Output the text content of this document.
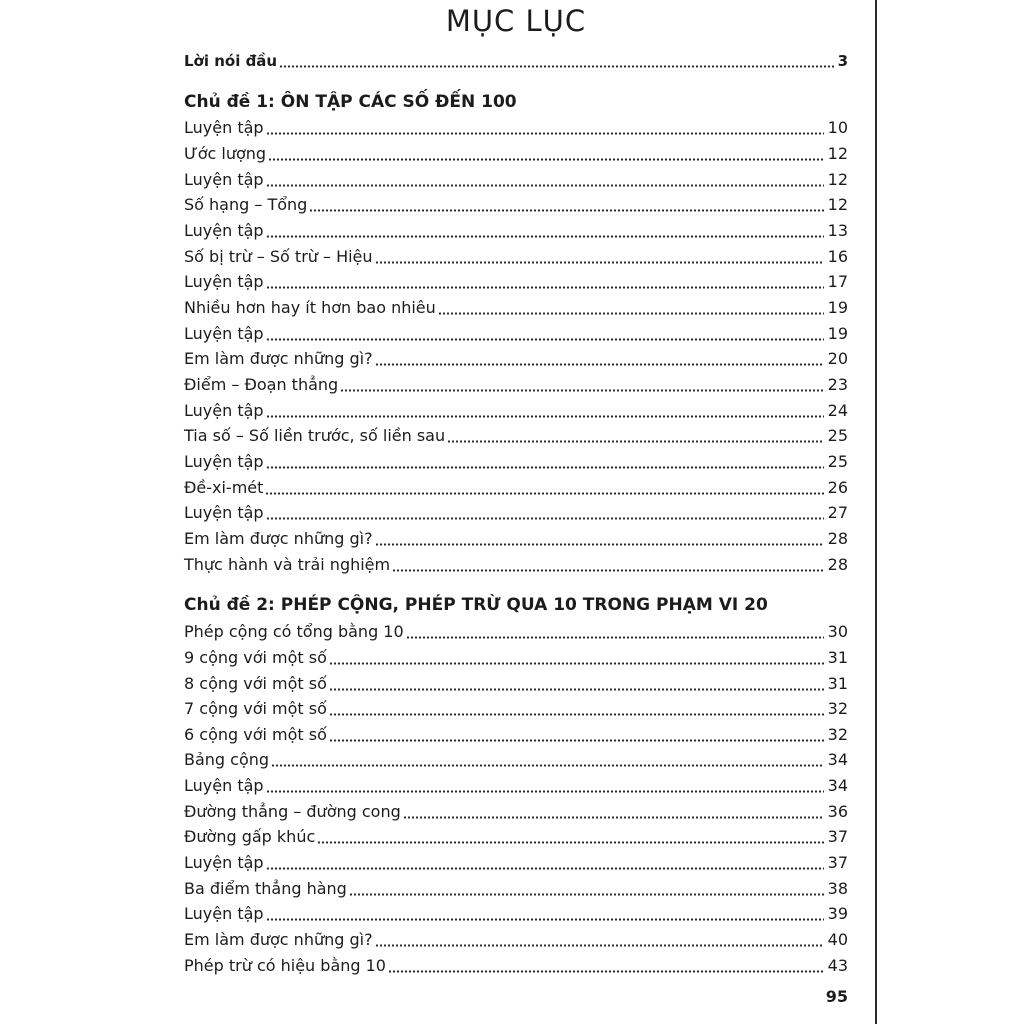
MỤC LỤC
Lời nói đầu	3
Chủ đề 1: ÔN TẬP CÁC SỐ ĐẾN 100
Luyện tập	10
Ước lượng	12
Luyện tập	12
Số hạng – Tổng	12
Luyện tập	13
Số bị trừ – Số trừ – Hiệu	16
Luyện tập	17
Nhiều hơn hay ít hơn bao nhiêu	19
Luyện tập	19
Em làm được những gì?	20
Điểm – Đoạn thẳng	23
Luyện tập	24
Tia số – Số liền trước, số liền sau	25
Luyện tập	25
Đề-xi-mét	26
Luyện tập	27
Em làm được những gì?	28
Thực hành và trải nghiệm	28
Chủ đề 2: PHÉP CỘNG, PHÉP TRỪ QUA 10 TRONG PHẠM VI 20
Phép cộng có tổng bằng 10	30
9 cộng với một số	31
8 cộng với một số	31
7 cộng với một số	32
6 cộng với một số	32
Bảng cộng	34
Luyện tập	34
Đường thẳng – đường cong	36
Đường gấp khúc	37
Luyện tập	37
Ba điểm thẳng hàng	38
Luyện tập	39
Em làm được những gì?	40
Phép trừ có hiệu bằng 10	43
95
